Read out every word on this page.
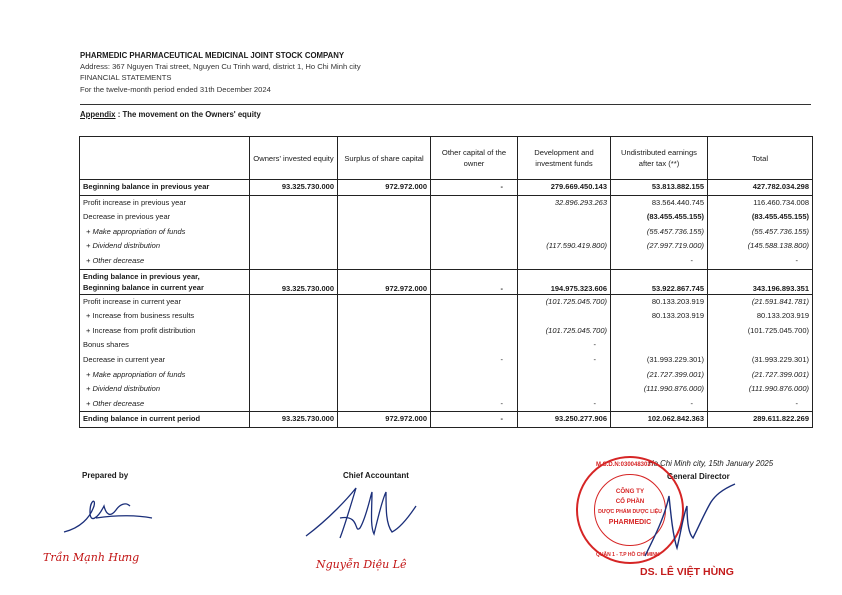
PHARMEDIC PHARMACEUTICAL MEDICINAL JOINT STOCK COMPANY
Address: 367 Nguyen Trai street, Nguyen Cu Trinh ward, district 1, Ho Chi Minh city
FINANCIAL STATEMENTS
For the twelve-month period ended 31th December 2024
Appendix : The movement on the Owners' equity
	Owners' invested equity	Surplus of share capital	Other capital of the owner	Development and investment funds	Undistributed earnings after tax (**)	Total
Beginning balance in previous year	93.325.730.000	972.972.000	-	279.669.450.143	53.813.882.155	427.782.034.298
Profit increase in previous year				32.896.293.263	83.564.440.745	116.460.734.008
Decrease in previous year					(83.455.455.155)	(83.455.455.155)
+ Make appropriation of funds					(55.457.736.155)	(55.457.736.155)
+ Dividend distribution				(117.590.419.800)	(27.997.719.000)	(145.588.138.800)
+ Other decrease					-	-

Ending balance in previous year,
Beginning balance in current year	93.325.730.000	972.972.000	-	194.975.323.606	53.922.867.745	343.196.893.351
Profit increase in current year				(101.725.045.700)	80.133.203.919	(21.591.841.781)
+ Increase from business results					80.133.203.919	80.133.203.919
+ Increase from profit distribution				(101.725.045.700)		(101.725.045.700)
Bonus shares				-		
Decrease in current year			-	-	(31.993.229.301)	(31.993.229.301)
+ Make appropriation of funds					(21.727.399.001)	(21.727.399.001)
+ Dividend distribution					(111.990.876.000)	(111.990.876.000)
+ Other decrease			-	-	-	-
Ending balance in current period	93.325.730.000	972.972.000	-	93.250.277.906	102.062.842.363	289.611.822.269
Prepared by
Trần Mạnh Hưng
Chief Accountant
Nguyễn Diệu Lê
Ho Chi Minh city, 15th January 2025
General Director
M.S.D.N:0300483037
CÔNG TY
CỔ PHẦN
DƯỢC PHẨM DƯỢC LIỆU
PHARMEDIC
QUẬN 1 - T.P HỒ CHÍ MINH
DS. LÊ VIỆT HÙNG
